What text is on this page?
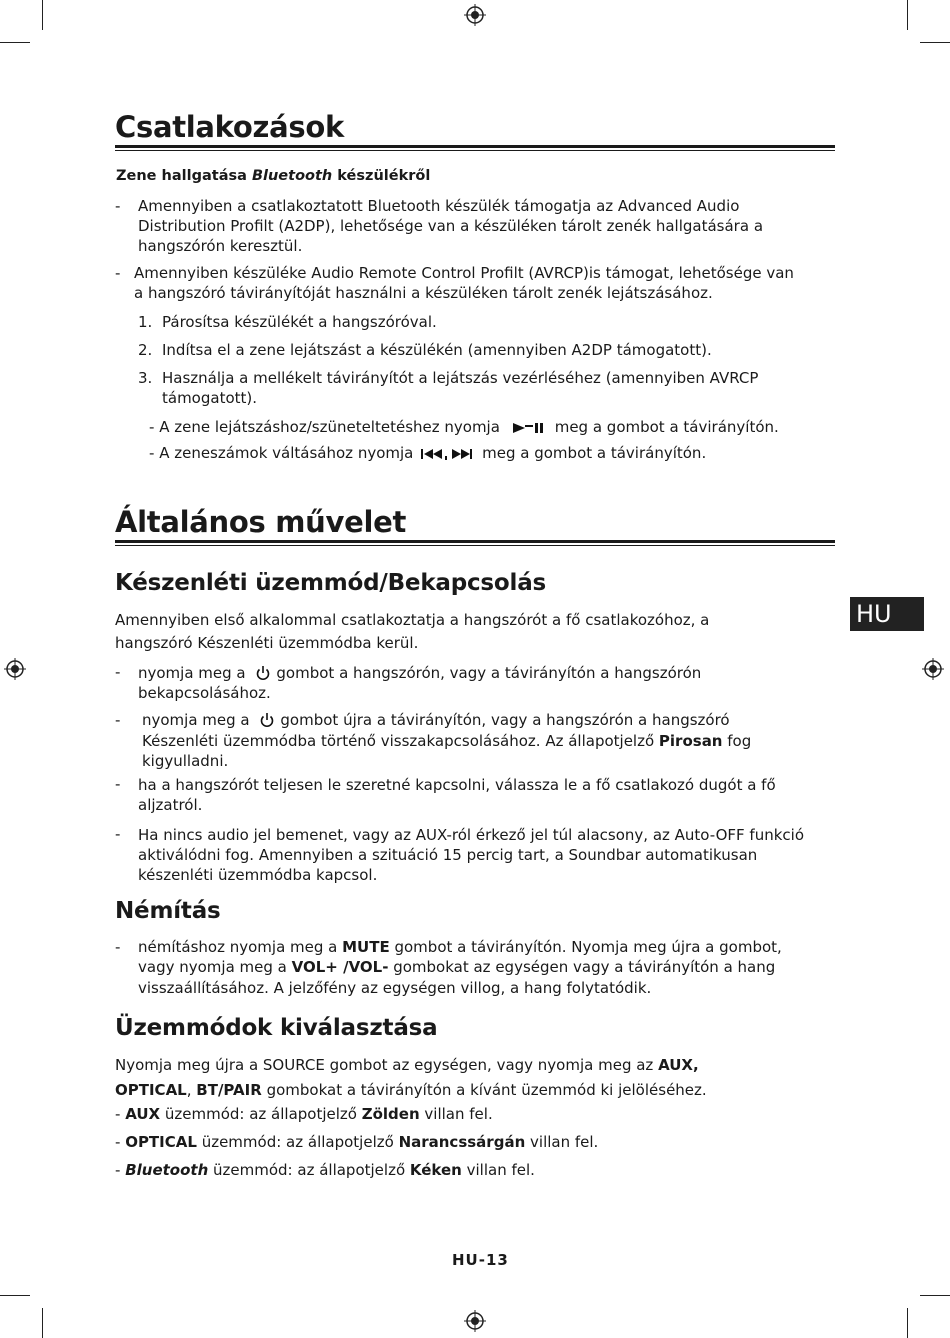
HU
Csatlakozások
Zene hallgatása Bluetooth készülékről
- Amennyiben a csatlakoztatott Bluetooth készülék támogatja az Advanced Audio
Distribution Profilt (A2DP), lehetősége van a készüléken tárolt zenék hallgatására a
hangszórón keresztül.
- Amennyiben készüléke Audio Remote Control Profilt (AVRCP)is támogat, lehetősége van
a hangszóró távirányítóját használni a készüléken tárolt zenék lejátszásához.
1. Párosítsa készülékét a hangszóróval.
2. Indítsa el a zene lejátszást a készülékén (amennyiben A2DP támogatott).
3. Használja a mellékelt távirányítót a lejátszás vezérléséhez (amennyiben AVRCP
támogatott).
- A zene lejátszáshoz/szüneteltetéshez nyomja	meg a gombot a távirányítón.
- A zeneszámok váltásához nyomja	meg a gombot a távirányítón.
Általános művelet
Készenléti üzemmód/Bekapcsolás
Amennyiben első alkalommal csatlakoztatja a hangszórót a fő csatlakozóhoz, a
hangszóró Készenléti üzemmódba kerül.
- nyomja meg a gombot a hangszórón, vagy a távirányítón a hangszórón
bekapcsolásához.
- nyomja meg a gombot újra a távirányítón, vagy a hangszórón a hangszóró
Készenléti üzemmódba történő visszakapcsolásához. Az állapotjelző Pirosan fog
kigyulladni.
- ha a hangszórót teljesen le szeretné kapcsolni, válassza le a fő csatlakozó dugót a fő
aljzatról.
- Ha nincs audio jel bemenet, vagy az AUX-ról érkező jel túl alacsony, az Auto-OFF funkció
aktiválódni fog. Amennyiben a szituáció 15 percig tart, a Soundbar automatikusan
készenléti üzemmódba kapcsol.
Némítás
- némításhoz nyomja meg a MUTE gombot a távirányítón. Nyomja meg újra a gombot,
vagy nyomja meg a VOL+ /VOL- gombokat az egységen vagy a távirányítón a hang
visszaállításához. A jelzőfény az egységen villog, a hang folytatódik.
Üzemmódok kiválasztása
Nyomja meg újra a SOURCE gombot az egységen, vagy nyomja meg az AUX,
OPTICAL, BT/PAIR gombokat a távirányítón a kívánt üzemmód ki jelöléséhez.
- AUX üzemmód: az állapotjelző Zölden villan fel.
- OPTICAL üzemmód: az állapotjelző Narancssárgán villan fel.
- Bluetooth üzemmód: az állapotjelző Kéken villan fel.
HU-13
